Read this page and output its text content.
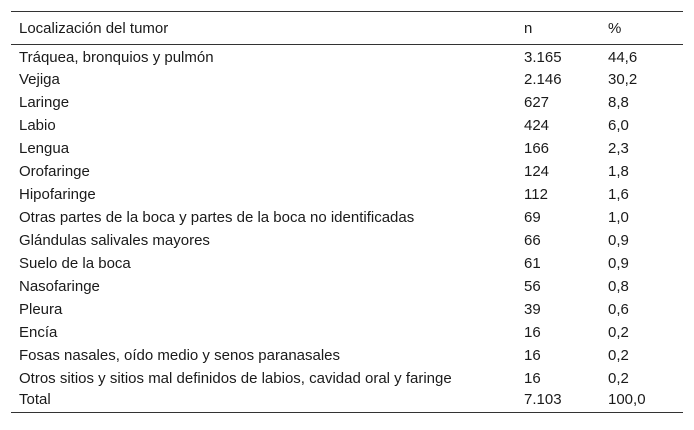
Localización del tumor	n	%
Tráquea, bronquios y pulmón	3.165	44,6
Vejiga	2.146	30,2
Laringe	627	8,8
Labio	424	6,0
Lengua	166	2,3
Orofaringe	124	1,8
Hipofaringe	112	1,6
Otras partes de la boca y partes de la boca no identificadas	69	1,0
Glándulas salivales mayores	66	0,9
Suelo de la boca	61	0,9
Nasofaringe	56	0,8
Pleura	39	0,6
Encía	16	0,2
Fosas nasales, oído medio y senos paranasales	16	0,2
Otros sitios y sitios mal definidos de labios, cavidad oral y faringe	16	0,2
Total	7.103	100,0
